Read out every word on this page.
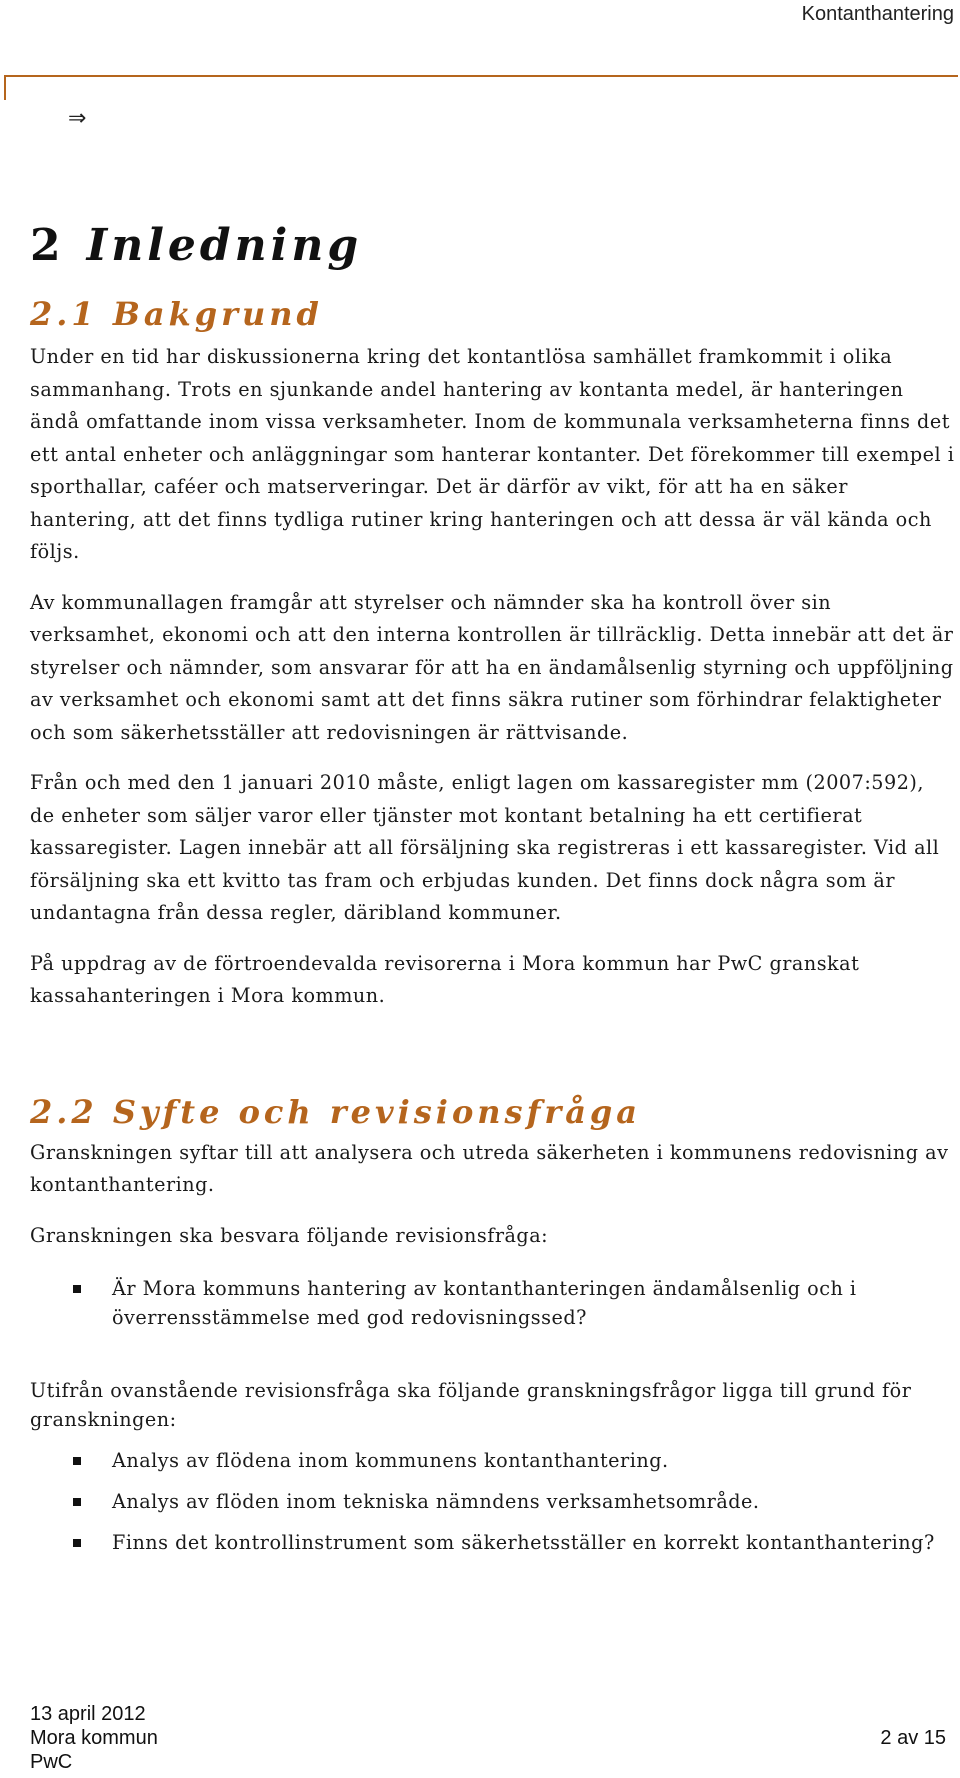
Kontanthantering
⇒
2 Inledning
2.1 Bakgrund

Under en tid har diskussionerna kring det kontantlösa samhället framkommit i olika sammanhang. Trots en sjunkande andel hantering av kontanta medel, är hanteringen ändå omfattande inom vissa verksamheter. Inom de kommunala verksamheterna finns det ett antal enheter och anläggningar som hanterar kontanter. Det förekommer till exempel i sporthallar, caféer och matserveringar. Det är därför av vikt, för att ha en säker hantering, att det finns tydliga rutiner kring hanteringen och att dessa är väl kända och följs.

Av kommunallagen framgår att styrelser och nämnder ska ha kontroll över sin verksamhet, ekonomi och att den interna kontrollen är tillräcklig. Detta innebär att det är styrelser och nämnder, som ansvarar för att ha en ändamålsenlig styrning och uppföljning av verksamhet och ekonomi samt att det finns säkra rutiner som förhindrar felaktigheter och som säkerhetsställer att redovisningen är rättvisande.

Från och med den 1 januari 2010 måste, enligt lagen om kassaregister mm (2007:592), de enheter som säljer varor eller tjänster mot kontant betalning ha ett certifierat kassaregister. Lagen innebär att all försäljning ska registreras i ett kassaregister. Vid all försäljning ska ett kvitto tas fram och erbjudas kunden. Det finns dock några som är undantagna från dessa regler, däribland kommuner.

På uppdrag av de förtroendevalda revisorerna i Mora kommun har PwC granskat kassahanteringen i Mora kommun.

2.2 Syfte och revisionsfråga

Granskningen syftar till att analysera och utreda säkerheten i kommunens redovisning av kontanthantering.

Granskningen ska besvara följande revisionsfråga:

Är Mora kommuns hantering av kontanthanteringen ändamålsenlig och i överrensstämmelse med god redovisningssed?

Utifrån ovanstående revisionsfråga ska följande granskningsfrågor ligga till grund för granskningen:

Analys av flödena inom kommunens kontanthantering.
Analys av flöden inom tekniska nämndens verksamhetsområde.
Finns det kontrollinstrument som säkerhetsställer en korrekt kontanthantering?
13 april 2012
Mora kommun
PwC
2 av 15
